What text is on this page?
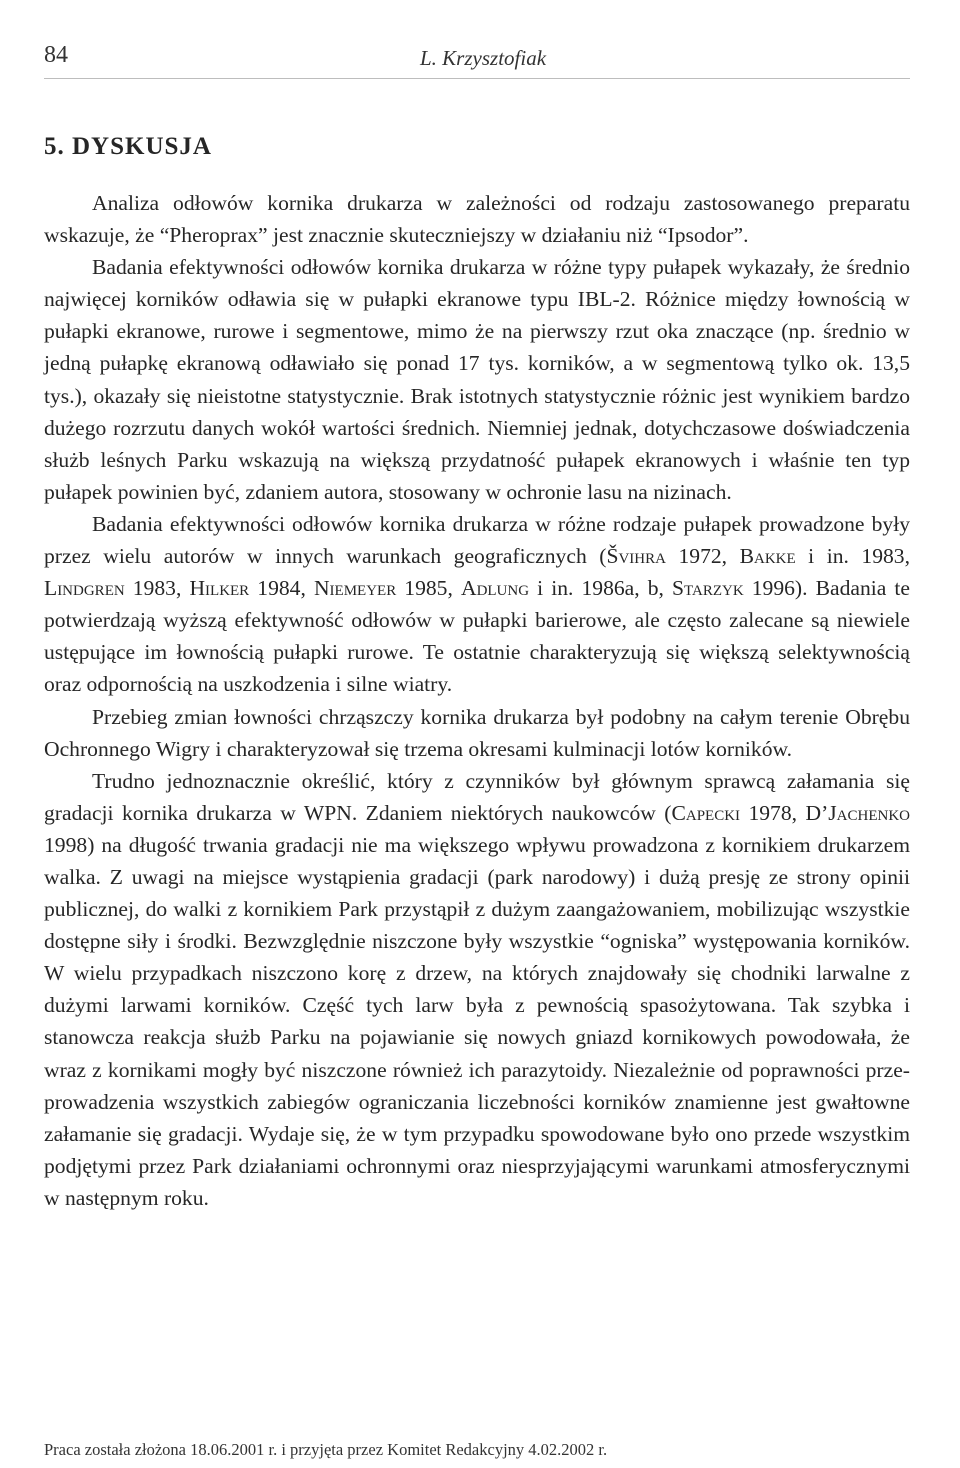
84	L. Krzysztofiak
5. DYSKUSJA

Analiza odłowów kornika drukarza w zależności od rodzaju zastosowanego preparatu wskazuje, że “Pheroprax” jest znacznie skuteczniejszy w działaniu niż “Ipsodor”.

Badania efektywności odłowów kornika drukarza w różne typy pułapek wykazały, że średnio najwięcej korników odławia się w pułapki ekranowe typu IBL-2. Różnice między łownością w pułapki ekranowe, rurowe i segmentowe, mimo że na pierwszy rzut oka znaczące (np. średnio w jedną pułapkę ekranową odławiało się ponad 17 tys. korników, a w segmentową tylko ok. 13,5 tys.), okazały się nieistotne statystycznie. Brak istotnych statystycznie różnic jest wynikiem bardzo dużego rozrzutu danych wokół wartości średnich. Niemniej jednak, dotychczasowe doświadczenia służb leśnych Parku wskazują na większą przydatność pułapek ekranowych i właśnie ten typ pułapek powinien być, zdaniem autora, stosowany w ochronie lasu na nizinach.

Badania efektywności odłowów kornika drukarza w różne rodzaje pułapek prowadzone były przez wielu autorów w innych warunkach geograficznych (Švihra 1972, Bakke i in. 1983, Lindgren 1983, Hilker 1984, Niemeyer 1985, Adlung i in. 1986a, b, Starzyk 1996). Badania te potwierdzają wyższą efektywność odłowów w pułapki barierowe, ale często zalecane są niewiele ustępujące im łownością pułapki rurowe. Te ostatnie charakteryzują się większą selektywnością oraz odpornością na uszkodzenia i silne wiatry.

Przebieg zmian łowności chrząszczy kornika drukarza był podobny na całym terenie Obrębu Ochronnego Wigry i charakteryzował się trzema okresami kulminacji lotów korników.

Trudno jednoznacznie określić, który z czynników był głównym sprawcą załamania się gradacji kornika drukarza w WPN. Zdaniem niektórych naukowców (Capecki 1978, D’Jachenko 1998) na długość trwania gradacji nie ma większego wpływu prowadzona z kornikiem drukarzem walka. Z uwagi na miejsce wystąpienia gradacji (park narodowy) i dużą presję ze strony opinii publicznej, do walki z kornikiem Park przystąpił z dużym zaangażowaniem, mobilizując wszystkie dostępne siły i środki. Bezwzględnie niszczone były wszystkie “ogniska” występowania korników. W wielu przypadkach niszczono korę z drzew, na których znajdowały się chodniki larwalne z dużymi larwami korników. Część tych larw była z pewnością spasożytowana. Tak szybka i stanowcza reakcja służb Parku na pojawianie się nowych gniazd kornikowych powodowała, że wraz z kornikami mogły być niszczone również ich parazytoidy. Niezależnie od poprawności przeprowadzenia wszystkich zabiegów ograniczania liczebności korników znamienne jest gwałtowne załamanie się gradacji. Wydaje się, że w tym przypadku spowodowane było ono przede wszystkim podjętymi przez Park działaniami ochronnymi oraz niesprzyjającymi warunkami atmosferycznymi w następnym roku.

Praca została złożona 18.06.2001 r. i przyjęta przez Komitet Redakcyjny 4.02.2002 r.
